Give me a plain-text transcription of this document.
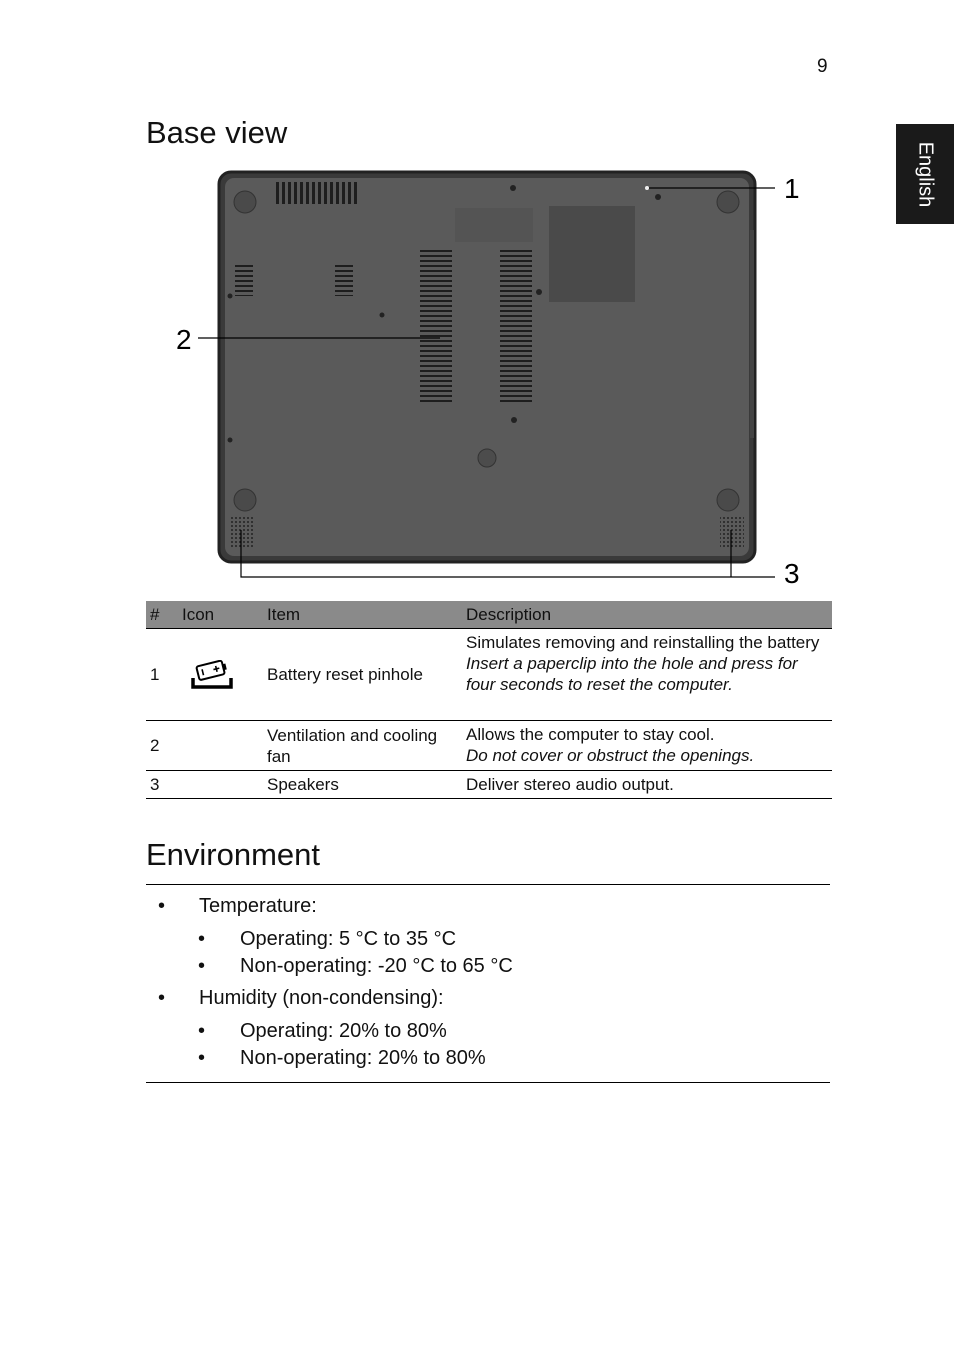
9
English
Base view
1
2
3
#	Icon	Item	Description
1		Battery reset pinhole	Simulates removing and reinstalling the battery
Insert a paperclip into the hole and press for four seconds to reset the computer.

2		Ventilation and cooling fan	Allows the computer to stay cool.
Do not cover or obstruct the openings.

3		Speakers	Deliver stereo audio output.
Environment
• Temperature:
• Operating: 5 °C to 35 °C
• Non-operating: -20 °C to 65 °C
• Humidity (non-condensing):
• Operating: 20% to 80%
• Non-operating: 20% to 80%
